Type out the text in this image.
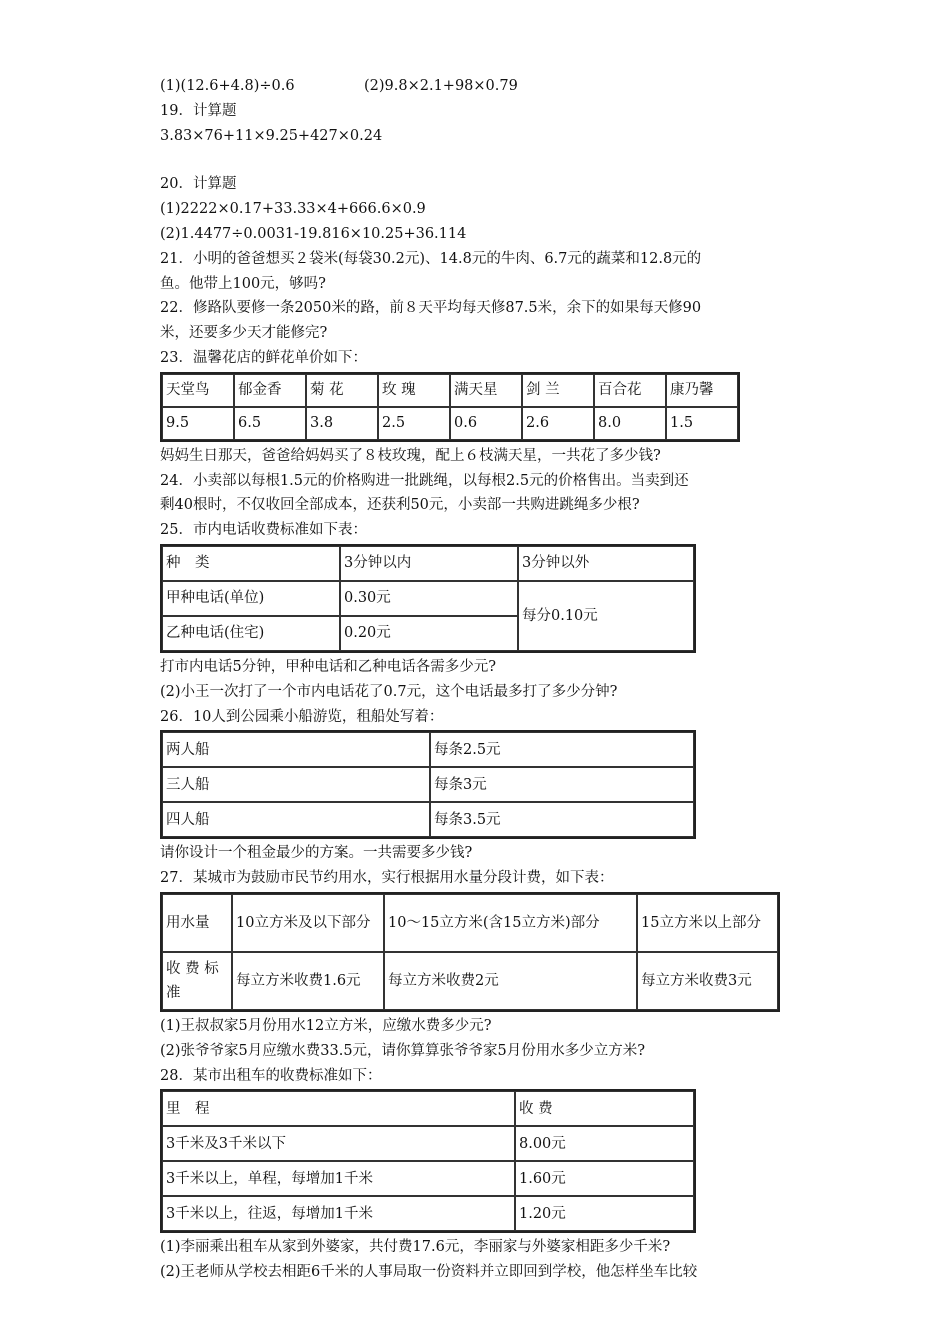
(1)(12.6+4.8)÷0.6	(2)9.8×2.1+98×0.79
19．计算题
3.83×76+11×9.25+427×0.24
20．计算题
(1)2222×0.17+33.33×4+666.6×0.9
(2)1.4477÷0.0031-19.816×10.25+36.114
21．小明的爸爸想买２袋米(每袋30.2元)、14.8元的牛肉、6.7元的蔬菜和12.8元的
鱼。他带上100元，够吗?
22．修路队要修一条2050米的路，前８天平均每天修87.5米，余下的如果每天修90
米，还要多少天才能修完?
23．温馨花店的鲜花单价如下：
天堂鸟	郁金香	菊 花	玫 瑰	满天星	剑 兰	百合花	康乃馨
9.5	6.5	3.8	2.5	0.6	2.6	8.0	1.5
妈妈生日那天，爸爸给妈妈买了８枝玫瑰，配上６枝满天星，一共花了多少钱?
24．小卖部以每根1.5元的价格购进一批跳绳，以每根2.5元的价格售出。当卖到还
剩40根时，不仅收回全部成本，还获利50元，小卖部一共购进跳绳多少根?
25．市内电话收费标准如下表：
种　类	3分钟以内	3分钟以外
甲种电话(单位)	0.30元	每分0.10元
乙种电话(住宅)	0.20元	
打市内电话5分钟，甲种电话和乙种电话各需多少元?
(2)小王一次打了一个市内电话花了0.7元，这个电话最多打了多少分钟?
26．10人到公园乘小船游览，租船处写着：
两人船	每条2.5元
三人船	每条3元
四人船	每条3.5元
请你设计一个租金最少的方案。一共需要多少钱?
27．某城市为鼓励市民节约用水，实行根据用水量分段计费，如下表：
用水量	10立方米及以下部分	10～15立方米(含15立方米)部分	15立方米以上部分
收 费 标准	每立方米收费1.6元	每立方米收费2元	每立方米收费3元
(1)王叔叔家5月份用水12立方米，应缴水费多少元?
(2)张爷爷家5月应缴水费33.5元，请你算算张爷爷家5月份用水多少立方米?
28．某市出租车的收费标准如下：
里　程	收 费
3千米及3千米以下	8.00元
3千米以上，单程，每增加1千米	1.60元
3千米以上，往返，每增加1千米	1.20元
(1)李丽乘出租车从家到外婆家，共付费17.6元，李丽家与外婆家相距多少千米?
(2)王老师从学校去相距6千米的人事局取一份资料并立即回到学校，他怎样坐车比较
